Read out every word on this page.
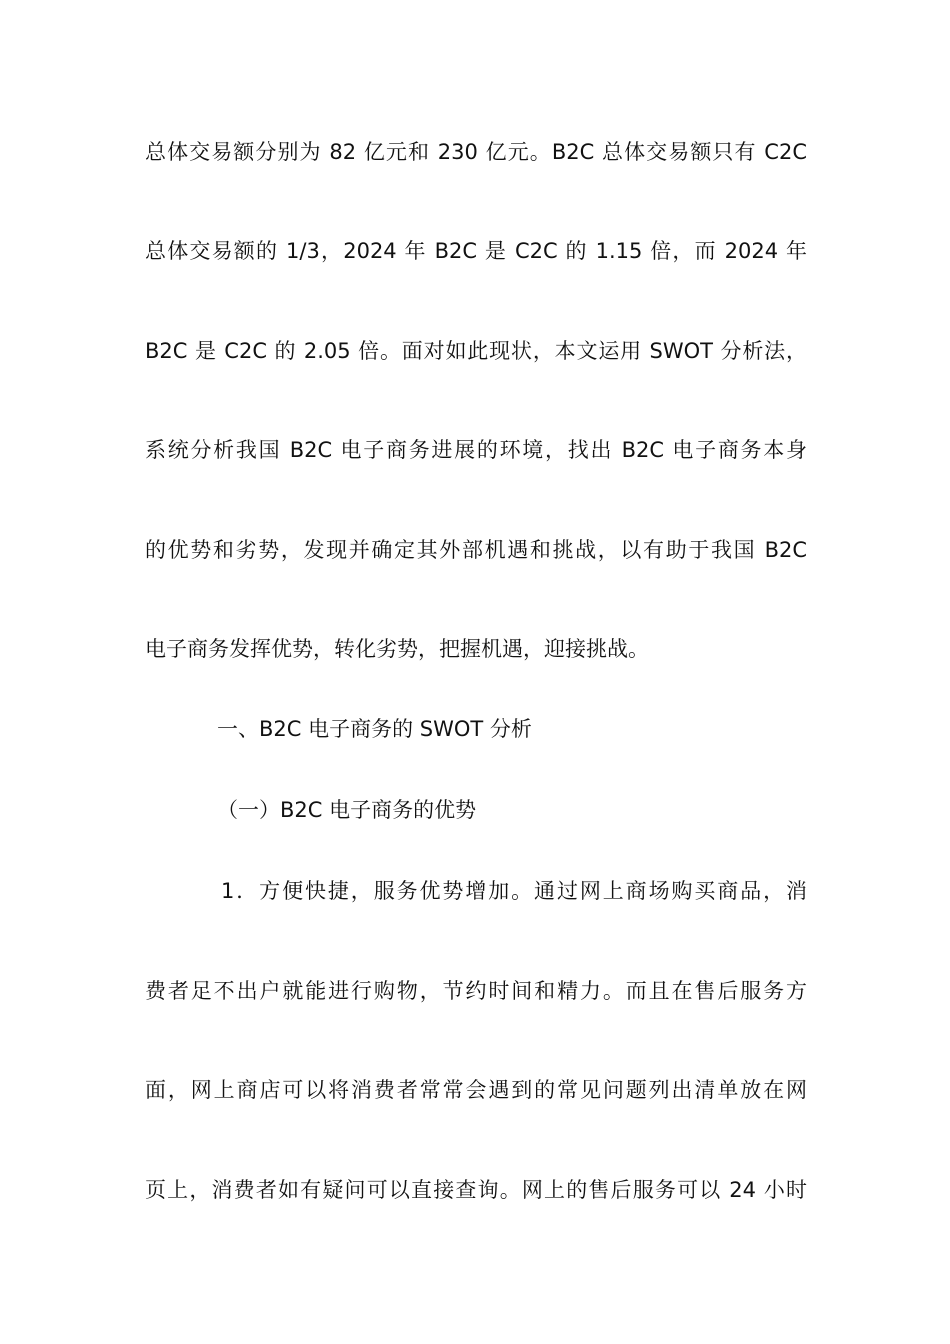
总体交易额分别为 82 亿元和 230 亿元。B2C 总体交易额只有 C2C
总体交易额的 1/3，2024 年 B2C 是 C2C 的 1.15 倍，而 2024 年
B2C 是 C2C 的 2.05 倍。面对如此现状，本文运用 SWOT 分析法，
系统分析我国 B2C 电子商务进展的环境，找出 B2C 电子商务本身
的优势和劣势，发现并确定其外部机遇和挑战，以有助于我国 B2C
电子商务发挥优势，转化劣势，把握机遇，迎接挑战。
一、B2C 电子商务的 SWOT 分析
（一）B2C 电子商务的优势
1．方便快捷，服务优势增加。通过网上商场购买商品，消
费者足不出户就能进行购物，节约时间和精力。而且在售后服务方
面，网上商店可以将消费者常常会遇到的常见问题列出清单放在网
页上，消费者如有疑问可以直接查询。网上的售后服务可以 24 小时
